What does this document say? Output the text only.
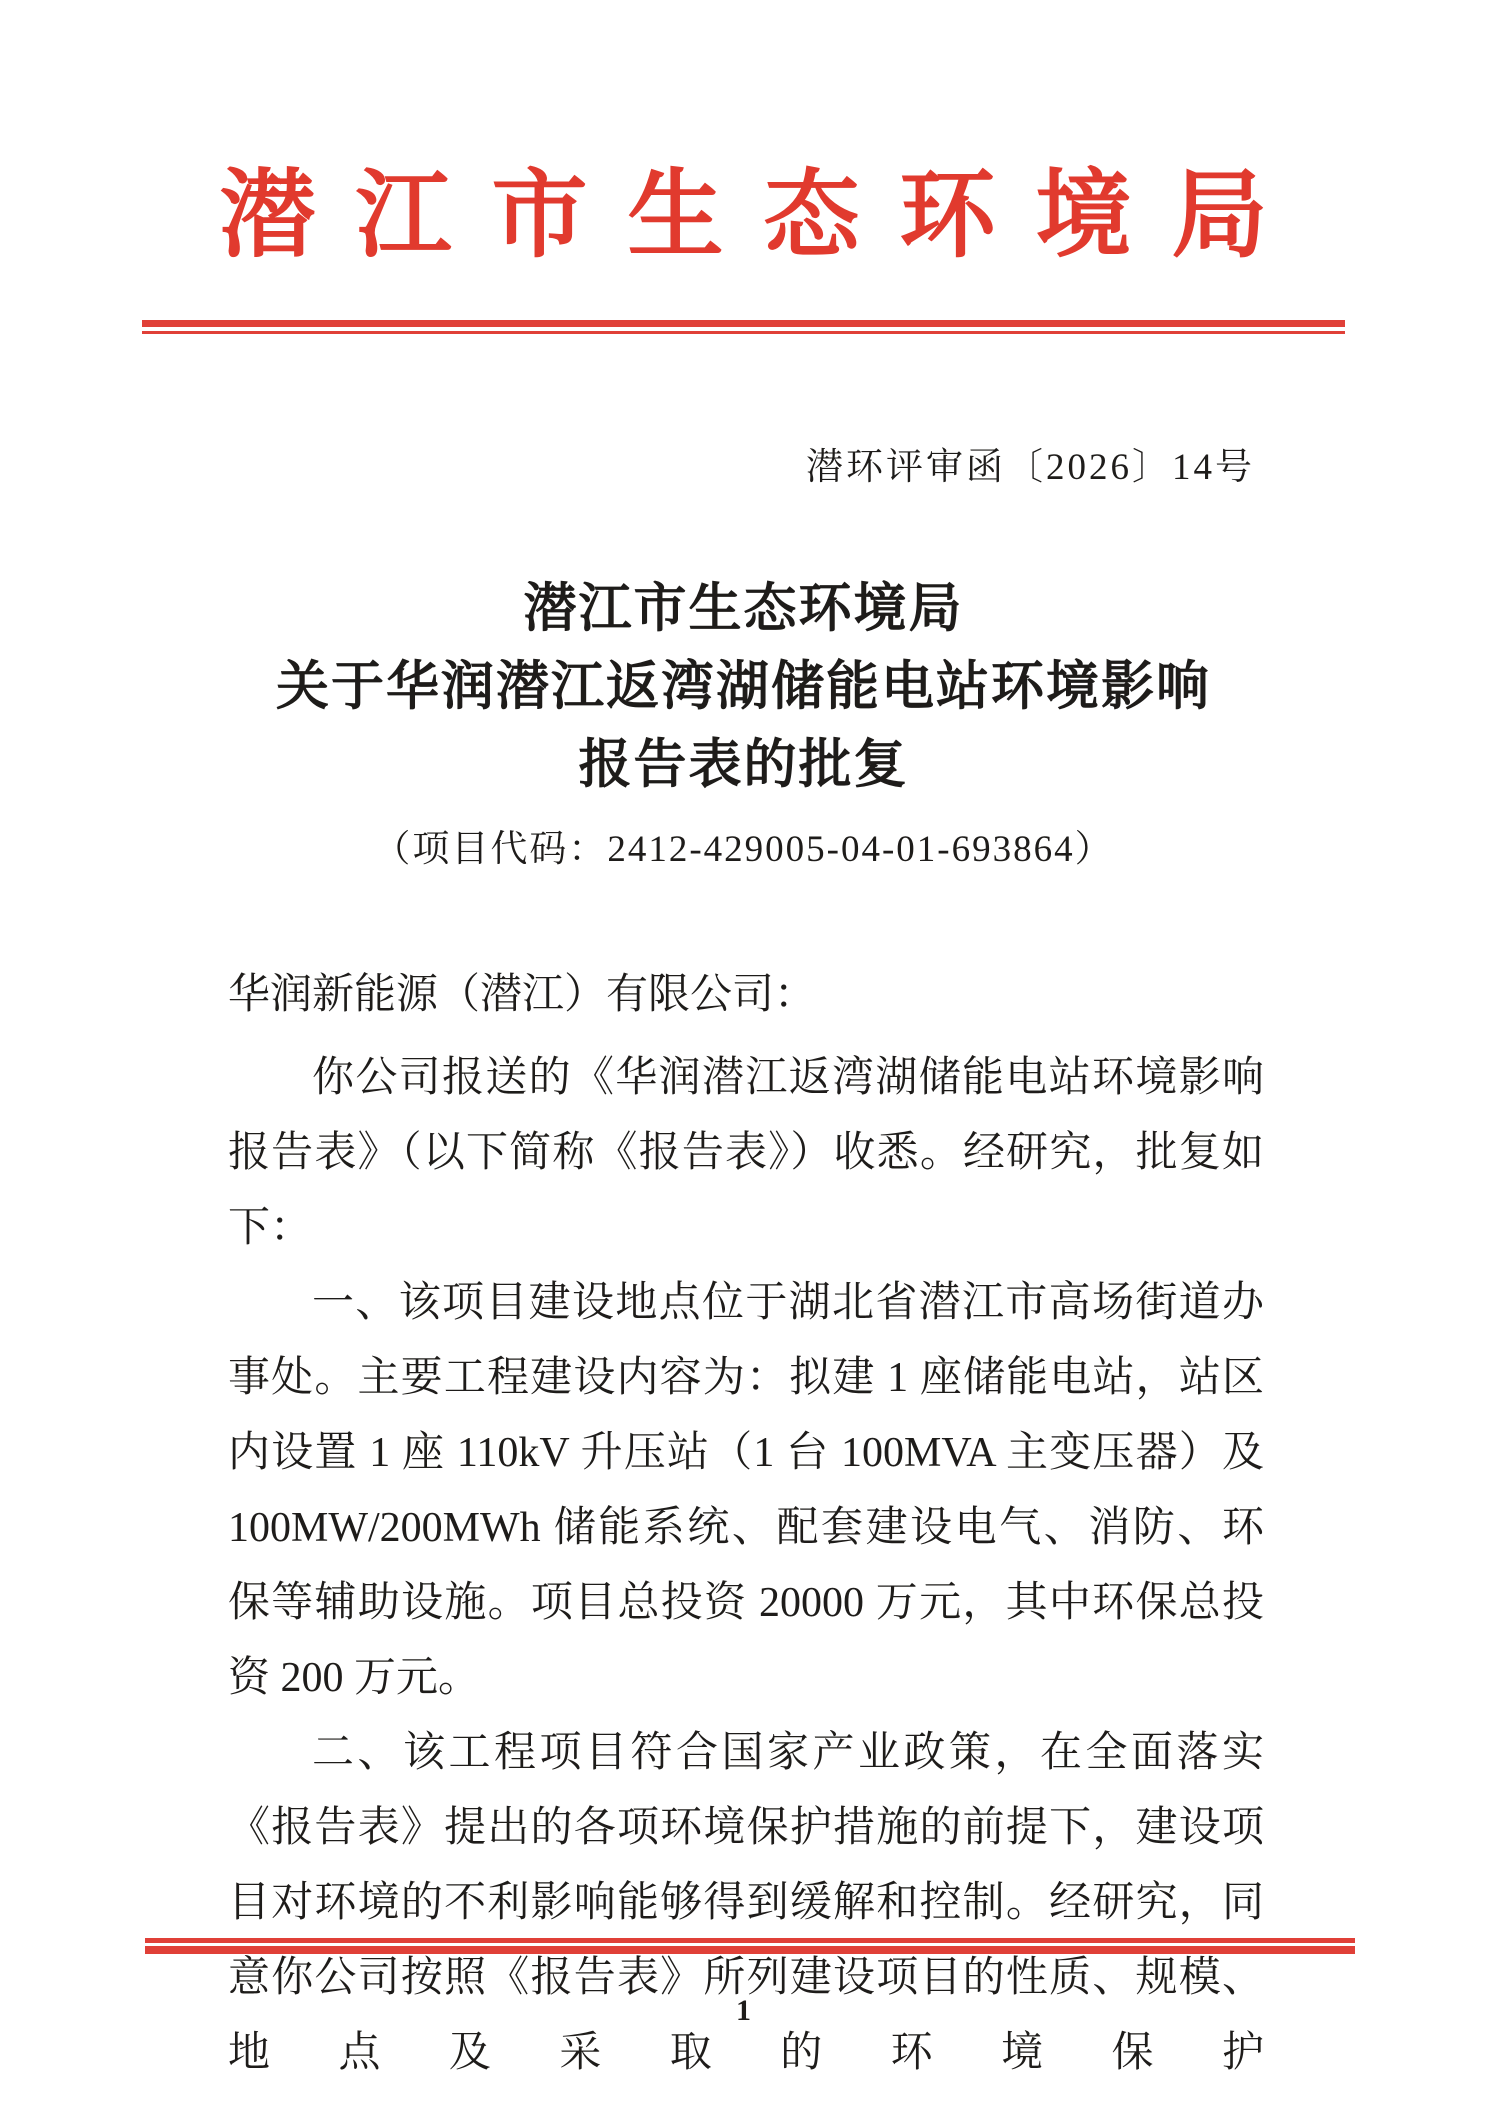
潜江市生态环境局
潜环评审函〔2026〕14号
潜江市生态环境局
关于华润潜江返湾湖储能电站环境影响
报告表的批复
（项目代码：2412-429005-04-01-693864）
华润新能源（潜江）有限公司：

你公司报送的《华润潜江返湾湖储能电站环境影响报告表》（以下简称《报告表》）收悉。经研究，批复如下：

一、该项目建设地点位于湖北省潜江市高场街道办事处。主要工程建设内容为：拟建 1 座储能电站，站区内设置 1 座 110kV 升压站（1 台 100MVA 主变压器）及 100MW/200MWh 储能系统、配套建设电气、消防、环保等辅助设施。项目总投资 20000 万元，其中环保总投资 200 万元。

二、该工程项目符合国家产业政策，在全面落实《报告表》提出的各项环境保护措施的前提下，建设项目对环境的不利影响能够得到缓解和控制。经研究，同意你公司按照《报告表》所列建设项目的性质、规模、地点及采取的环境保护

1
